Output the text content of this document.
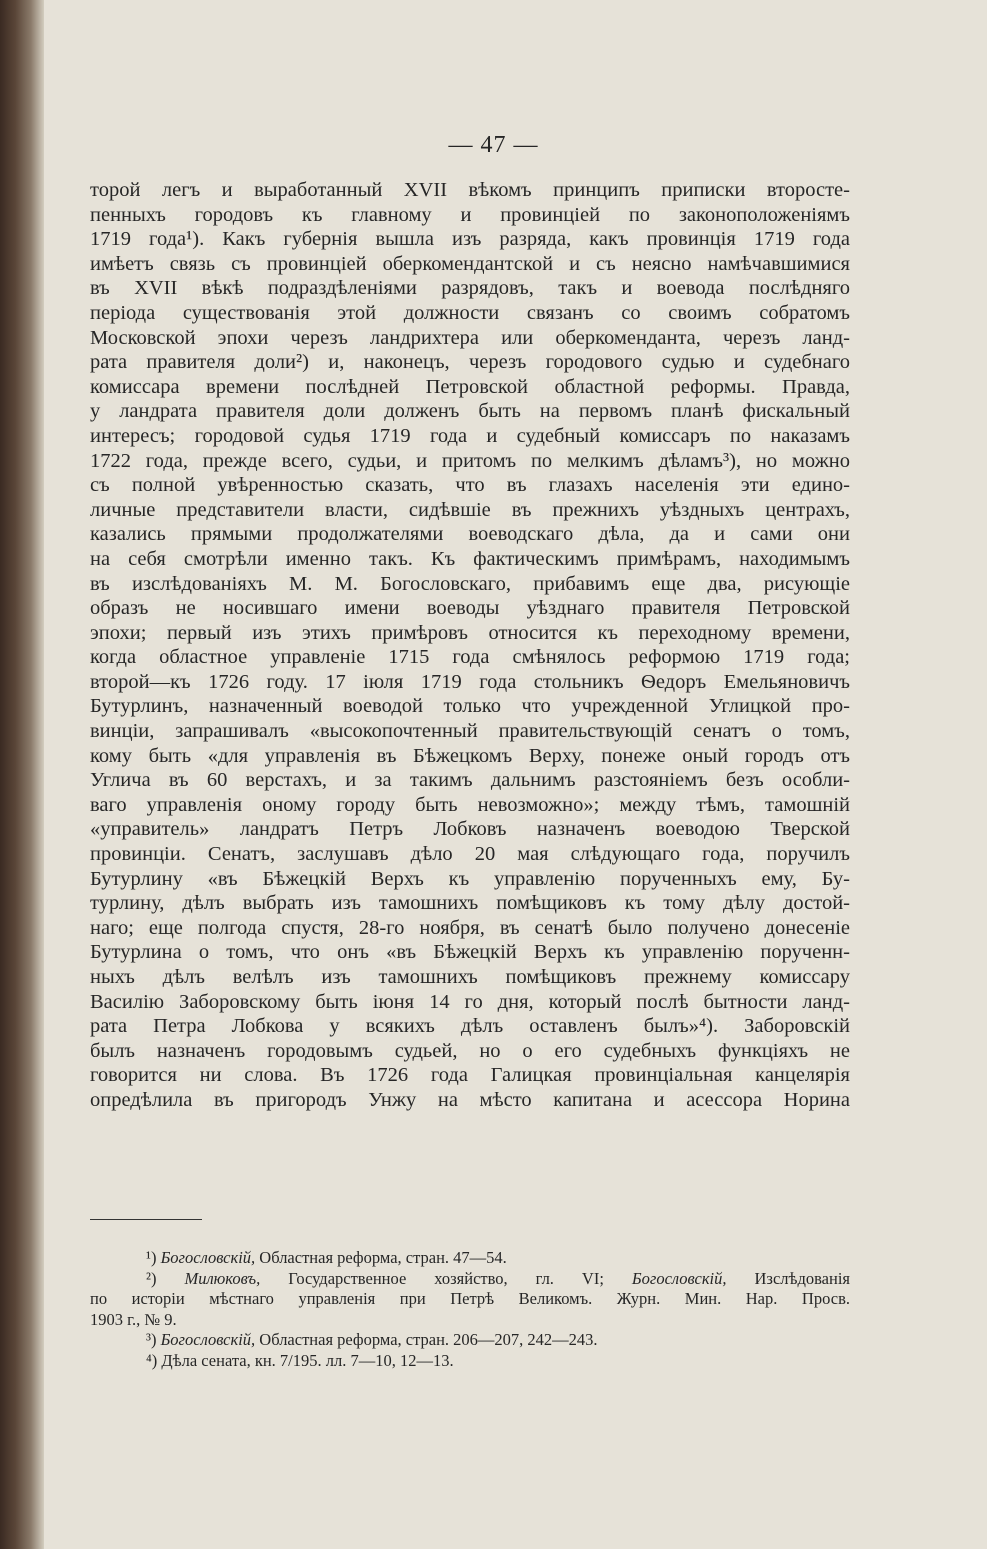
— 47 —
торой легъ и выработанный XVII вѣкомъ принципъ приписки второсте-
пенныхъ городовъ къ главному и провинціей по законоположеніямъ
1719 года¹). Какъ губернія вышла изъ разряда, какъ провинція 1719 года
имѣетъ связь съ провинціей оберкомендантской и съ неясно намѣчавшимися
въ XVII вѣкѣ подраздѣленіями разрядовъ, такъ и воевода послѣдняго
періода существованія этой должности связанъ со своимъ собратомъ
Московской эпохи черезъ ландрихтера или оберкоменданта, черезъ ланд-
рата правителя доли²) и, наконецъ, черезъ городового судью и судебнаго
комиссара времени послѣдней Петровской областной реформы. Правда,
у ландрата правителя доли долженъ быть на первомъ планѣ фискальный
интересъ; городовой судья 1719 года и судебный комиссаръ по наказамъ
1722 года, прежде всего, судьи, и притомъ по мелкимъ дѣламъ³), но можно
съ полной увѣренностью сказать, что въ глазахъ населенія эти едино-
личные представители власти, сидѣвшіе въ прежнихъ уѣздныхъ центрахъ,
казались прямыми продолжателями воеводскаго дѣла, да и сами они
на себя смотрѣли именно такъ. Къ фактическимъ примѣрамъ, находимымъ
въ изслѣдованіяхъ М. М. Богословскаго, прибавимъ еще два, рисующіе
образъ не носившаго имени воеводы уѣзднаго правителя Петровской
эпохи; первый изъ этихъ примѣровъ относится къ переходному времени,
когда областное управленіе 1715 года смѣнялось реформою 1719 года;
второй—къ 1726 году. 17 іюля 1719 года стольникъ Ѳедоръ Емельяновичъ
Бутурлинъ, назначенный воеводой только что учрежденной Углицкой про-
винціи, запрашивалъ «высокопочтенный правительствующій сенатъ о томъ,
кому быть «для управленія въ Бѣжецкомъ Верху, понеже оный городъ отъ
Углича въ 60 верстахъ, и за такимъ дальнимъ разстояніемъ безъ особли-
ваго управленія оному городу быть невозможно»; между тѣмъ, тамошній
«управитель» ландратъ Петръ Лобковъ назначенъ воеводою Тверской
провинціи. Сенатъ, заслушавъ дѣло 20 мая слѣдующаго года, поручилъ
Бутурлину «въ Бѣжецкій Верхъ къ управленію порученныхъ ему, Бу-
турлину, дѣлъ выбрать изъ тамошнихъ помѣщиковъ къ тому дѣлу достой-
наго; еще полгода спустя, 28-го ноября, въ сенатѣ было получено донесеніе
Бутурлина о томъ, что онъ «въ Бѣжецкій Верхъ къ управленію порученн-
ныхъ дѣлъ велѣлъ изъ тамошнихъ помѣщиковъ прежнему комиссару
Василію Заборовскому быть іюня 14 го дня, который послѣ бытности ланд-
рата Петра Лобкова у всякихъ дѣлъ оставленъ былъ»⁴). Заборовскій
былъ назначенъ городовымъ судьей, но о его судебныхъ функціяхъ не
говорится ни слова. Въ 1726 года Галицкая провинціальная канцелярія
опредѣлила въ пригородъ Унжу на мѣсто капитана и асессора Норина
¹) Богословскій, Областная реформа, стран. 47—54.
²) Милюковъ, Государственное хозяйство, гл. VI; Богословскій, Изслѣдованія
по исторіи мѣстнаго управленія при Петрѣ Великомъ. Журн. Мин. Нар. Просв.
1903 г., № 9.
³) Богословскій, Областная реформа, стран. 206—207, 242—243.
⁴) Дѣла сената, кн. 7/195. лл. 7—10, 12—13.
